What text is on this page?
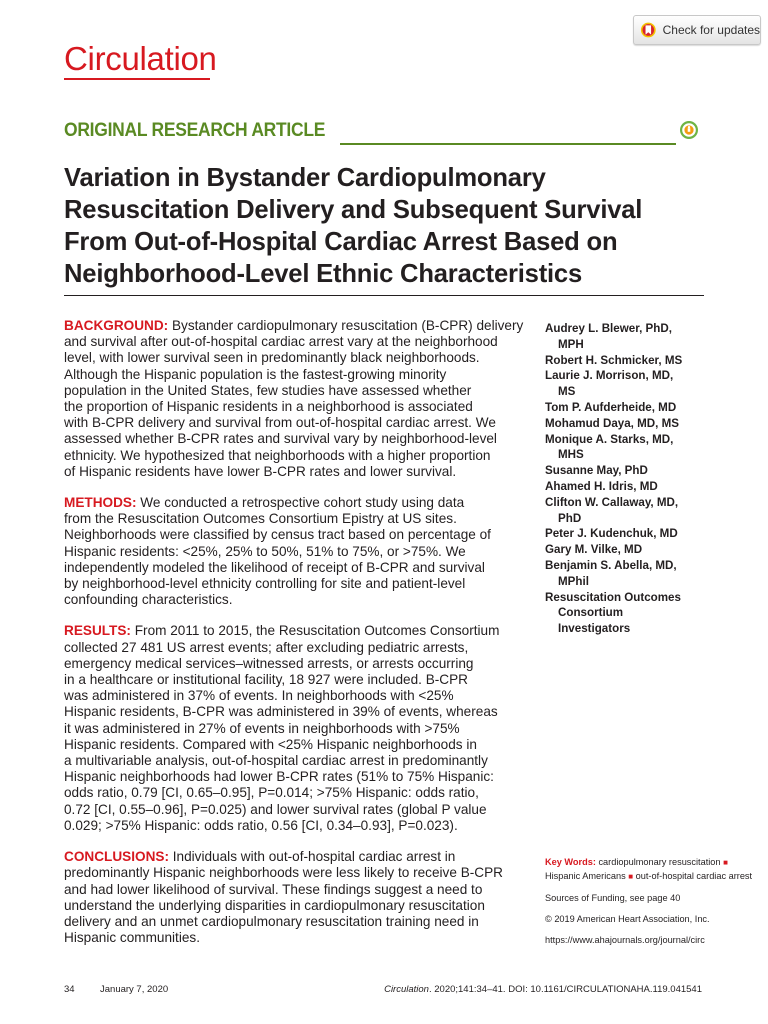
Circulation
Check for updates
ORIGINAL RESEARCH ARTICLE
Variation in Bystander Cardiopulmonary
Resuscitation Delivery and Subsequent Survival
From Out-of-Hospital Cardiac Arrest Based on
Neighborhood-Level Ethnic Characteristics

BACKGROUND: Bystander cardiopulmonary resuscitation (B-CPR) delivery
and survival after out-of-hospital cardiac arrest vary at the neighborhood
level, with lower survival seen in predominantly black neighborhoods.
Although the Hispanic population is the fastest-growing minority
population in the United States, few studies have assessed whether
the proportion of Hispanic residents in a neighborhood is associated
with B-CPR delivery and survival from out-of-hospital cardiac arrest. We
assessed whether B-CPR rates and survival vary by neighborhood-level
ethnicity. We hypothesized that neighborhoods with a higher proportion
of Hispanic residents have lower B-CPR rates and lower survival.

METHODS: We conducted a retrospective cohort study using data
from the Resuscitation Outcomes Consortium Epistry at US sites.
Neighborhoods were classified by census tract based on percentage of
Hispanic residents: <25%, 25% to 50%, 51% to 75%, or >75%. We
independently modeled the likelihood of receipt of B-CPR and survival
by neighborhood-level ethnicity controlling for site and patient-level
confounding characteristics.

RESULTS: From 2011 to 2015, the Resuscitation Outcomes Consortium
collected 27 481 US arrest events; after excluding pediatric arrests,
emergency medical services–witnessed arrests, or arrests occurring
in a healthcare or institutional facility, 18 927 were included. B-CPR
was administered in 37% of events. In neighborhoods with <25%
Hispanic residents, B-CPR was administered in 39% of events, whereas
it was administered in 27% of events in neighborhoods with >75%
Hispanic residents. Compared with <25% Hispanic neighborhoods in
a multivariable analysis, out-of-hospital cardiac arrest in predominantly
Hispanic neighborhoods had lower B-CPR rates (51% to 75% Hispanic:
odds ratio, 0.79 [CI, 0.65–0.95], P=0.014; >75% Hispanic: odds ratio,
0.72 [CI, 0.55–0.96], P=0.025) and lower survival rates (global P value
0.029; >75% Hispanic: odds ratio, 0.56 [CI, 0.34–0.93], P=0.023).

CONCLUSIONS: Individuals with out-of-hospital cardiac arrest in
predominantly Hispanic neighborhoods were less likely to receive B-CPR
and had lower likelihood of survival. These findings suggest a need to
understand the underlying disparities in cardiopulmonary resuscitation
delivery and an unmet cardiopulmonary resuscitation training need in
Hispanic communities.

Audrey L. Blewer, PhD,
MPH

Robert H. Schmicker, MS

Laurie J. Morrison, MD,
MS

Tom P. Aufderheide, MD

Mohamud Daya, MD, MS

Monique A. Starks, MD,
MHS

Susanne May, PhD

Ahamed H. Idris, MD

Clifton W. Callaway, MD,
PhD

Peter J. Kudenchuk, MD

Gary M. Vilke, MD

Benjamin S. Abella, MD,
MPhil

Resuscitation Outcomes
Consortium
Investigators

Key Words: cardiopulmonary resuscitation ■ Hispanic Americans ■ out-of-hospital cardiac arrest

Sources of Funding, see page 40

© 2019 American Heart Association, Inc.

https://www.ahajournals.org/journal/circ

34	January 7, 2020	Circulation. 2020;141:34–41. DOI: 10.1161/CIRCULATIONAHA.119.041541
